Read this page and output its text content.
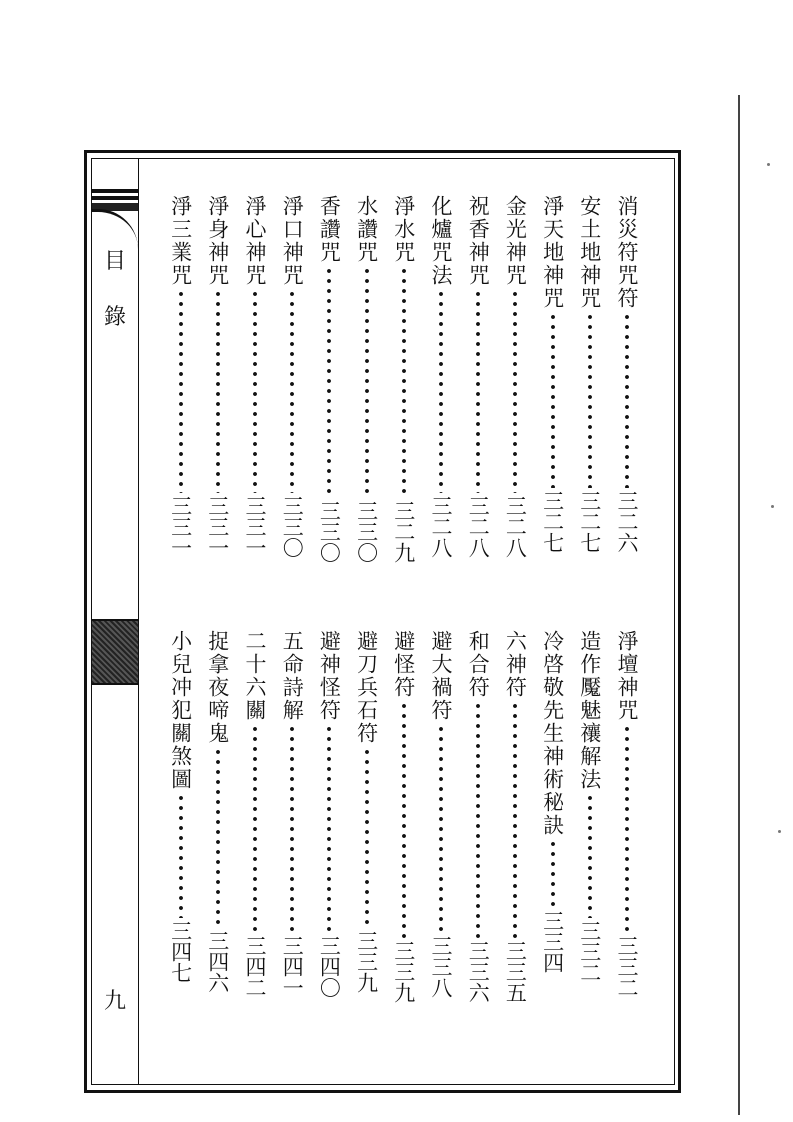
目 錄
九
消災符咒符
三二六
安土地神咒
三二七
淨天地神咒
三二七
金光神咒
三二八
祝香神咒
三二八
化爐咒法
三二八
淨水咒
三二九
水讚咒
三三〇
香讚咒
三三〇
淨口神咒
三三〇
淨心神咒
三三一
淨身神咒
三三一
淨三業咒
三三一
淨壇神咒
三三二
造作魘魅禳解法
三三二
冷啓敬先生神術秘訣
三三四
六神符
三三五
和合符
三三六
避大禍符
三三八
避怪符
三三九
避刀兵石符
三三九
避神怪符
三四〇
五命詩解
三四一
二十六關
三四二
捉拿夜啼鬼
三四六
小兒冲犯關煞圖
三四七
